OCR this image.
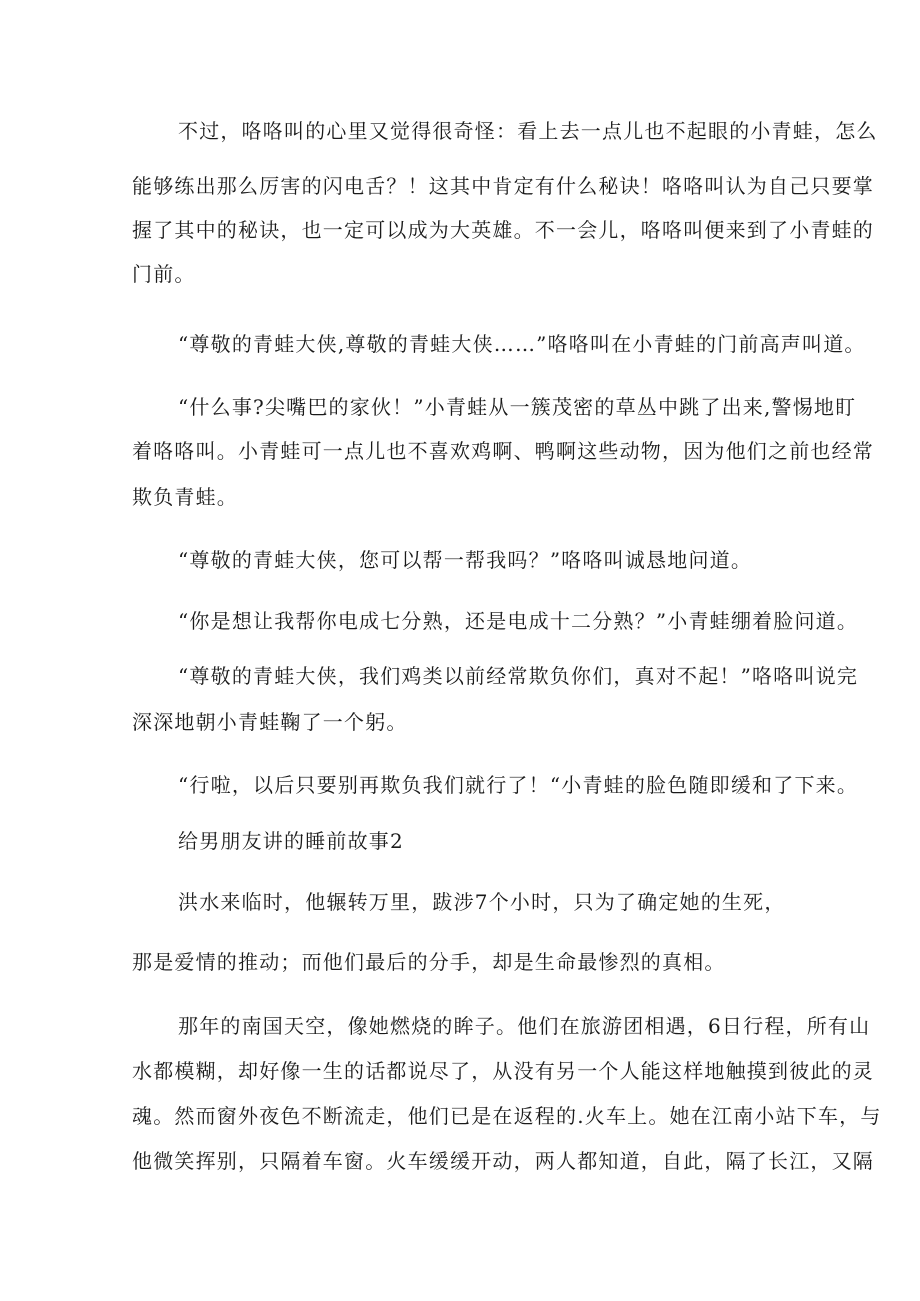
不过，咯咯叫的心里又觉得很奇怪：看上去一点儿也不起眼的小青蛙，怎么
能够练出那么厉害的闪电舌？！这其中肯定有什么秘诀！咯咯叫认为自己只要掌
握了其中的秘诀，也一定可以成为大英雄。不一会儿，咯咯叫便来到了小青蛙的
门前。
“尊敬的青蛙大侠,尊敬的青蛙大侠……”咯咯叫在小青蛙的门前高声叫道。
“什么事?尖嘴巴的家伙！”小青蛙从一簇茂密的草丛中跳了出来,警惕地盯
着咯咯叫。小青蛙可一点儿也不喜欢鸡啊、鸭啊这些动物，因为他们之前也经常
欺负青蛙。
“尊敬的青蛙大侠，您可以帮一帮我吗？”咯咯叫诚恳地问道。
“你是想让我帮你电成七分熟，还是电成十二分熟？”小青蛙绷着脸问道。
“尊敬的青蛙大侠，我们鸡类以前经常欺负你们，真对不起！”咯咯叫说完
深深地朝小青蛙鞠了一个躬。
“行啦，以后只要别再欺负我们就行了！“小青蛙的脸色随即缓和了下来。
给男朋友讲的睡前故事2
洪水来临时，他辗转万里，跋涉7个小时，只为了确定她的生死，
那是爱情的推动；而他们最后的分手，却是生命最惨烈的真相。
那年的南国天空，像她燃烧的眸子。他们在旅游团相遇，6日行程，所有山
水都模糊，却好像一生的话都说尽了，从没有另一个人能这样地触摸到彼此的灵
魂。然而窗外夜色不断流走，他们已是在返程的.火车上。她在江南小站下车，与
他微笑挥别，只隔着车窗。火车缓缓开动，两人都知道，自此，隔了长江，又隔
